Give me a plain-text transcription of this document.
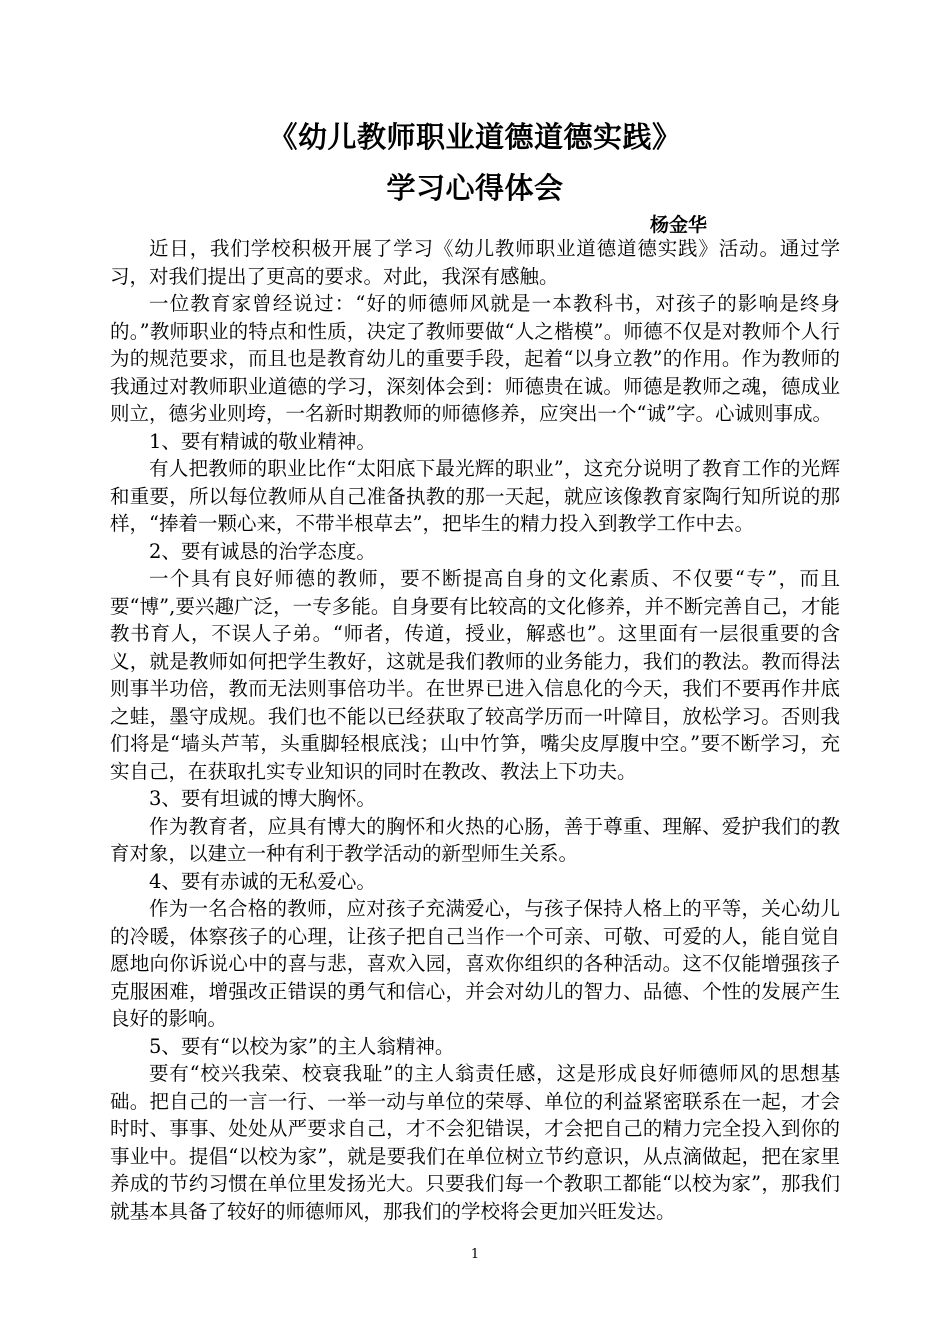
《幼儿教师职业道德道德实践》
学习心得体会
杨金华

近日，我们学校积极开展了学习《幼儿教师职业道德道德实践》活动。通过学习，对我们提出了更高的要求。对此，我深有感触。

一位教育家曾经说过：“好的师德师风就是一本教科书，对孩子的影响是终身的。”教师职业的特点和性质，决定了教师要做“人之楷模”。师德不仅是对教师个人行为的规范要求，而且也是教育幼儿的重要手段，起着“以身立教”的作用。作为教师的我通过对教师职业道德的学习，深刻体会到：师德贵在诚。师德是教师之魂，德成业则立，德劣业则垮，一名新时期教师的师德修养，应突出一个“诚”字。心诚则事成。

1、要有精诚的敬业精神。

有人把教师的职业比作“太阳底下最光辉的职业”，这充分说明了教育工作的光辉和重要，所以每位教师从自己准备执教的那一天起，就应该像教育家陶行知所说的那样，“捧着一颗心来，不带半根草去”，把毕生的精力投入到教学工作中去。

2、要有诚恳的治学态度。

一个具有良好师德的教师，要不断提高自身的文化素质、不仅要“专”，而且要“博”,要兴趣广泛，一专多能。自身要有比较高的文化修养，并不断完善自己，才能教书育人，不误人子弟。“师者，传道，授业，解惑也”。这里面有一层很重要的含义，就是教师如何把学生教好，这就是我们教师的业务能力，我们的教法。教而得法则事半功倍，教而无法则事倍功半。在世界已进入信息化的今天，我们不要再作井底之蛙，墨守成规。我们也不能以已经获取了较高学历而一叶障目，放松学习。否则我们将是“墙头芦苇，头重脚轻根底浅；山中竹笋，嘴尖皮厚腹中空。”要不断学习，充实自己，在获取扎实专业知识的同时在教改、教法上下功夫。

3、要有坦诚的博大胸怀。

作为教育者，应具有博大的胸怀和火热的心肠，善于尊重、理解、爱护我们的教育对象，以建立一种有利于教学活动的新型师生关系。

4、要有赤诚的无私爱心。

作为一名合格的教师，应对孩子充满爱心，与孩子保持人格上的平等，关心幼儿的冷暖，体察孩子的心理，让孩子把自己当作一个可亲、可敬、可爱的人，能自觉自愿地向你诉说心中的喜与悲，喜欢入园，喜欢你组织的各种活动。这不仅能增强孩子克服困难，增强改正错误的勇气和信心，并会对幼儿的智力、品德、个性的发展产生良好的影响。

5、要有“以校为家”的主人翁精神。

要有“校兴我荣、校衰我耻”的主人翁责任感，这是形成良好师德师风的思想基础。把自己的一言一行、一举一动与单位的荣辱、单位的利益紧密联系在一起，才会时时、事事、处处从严要求自己，才不会犯错误，才会把自己的精力完全投入到你的事业中。提倡“以校为家”，就是要我们在单位树立节约意识，从点滴做起，把在家里养成的节约习惯在单位里发扬光大。只要我们每一个教职工都能“以校为家”，那我们就基本具备了较好的师德师风，那我们的学校将会更加兴旺发达。

1
